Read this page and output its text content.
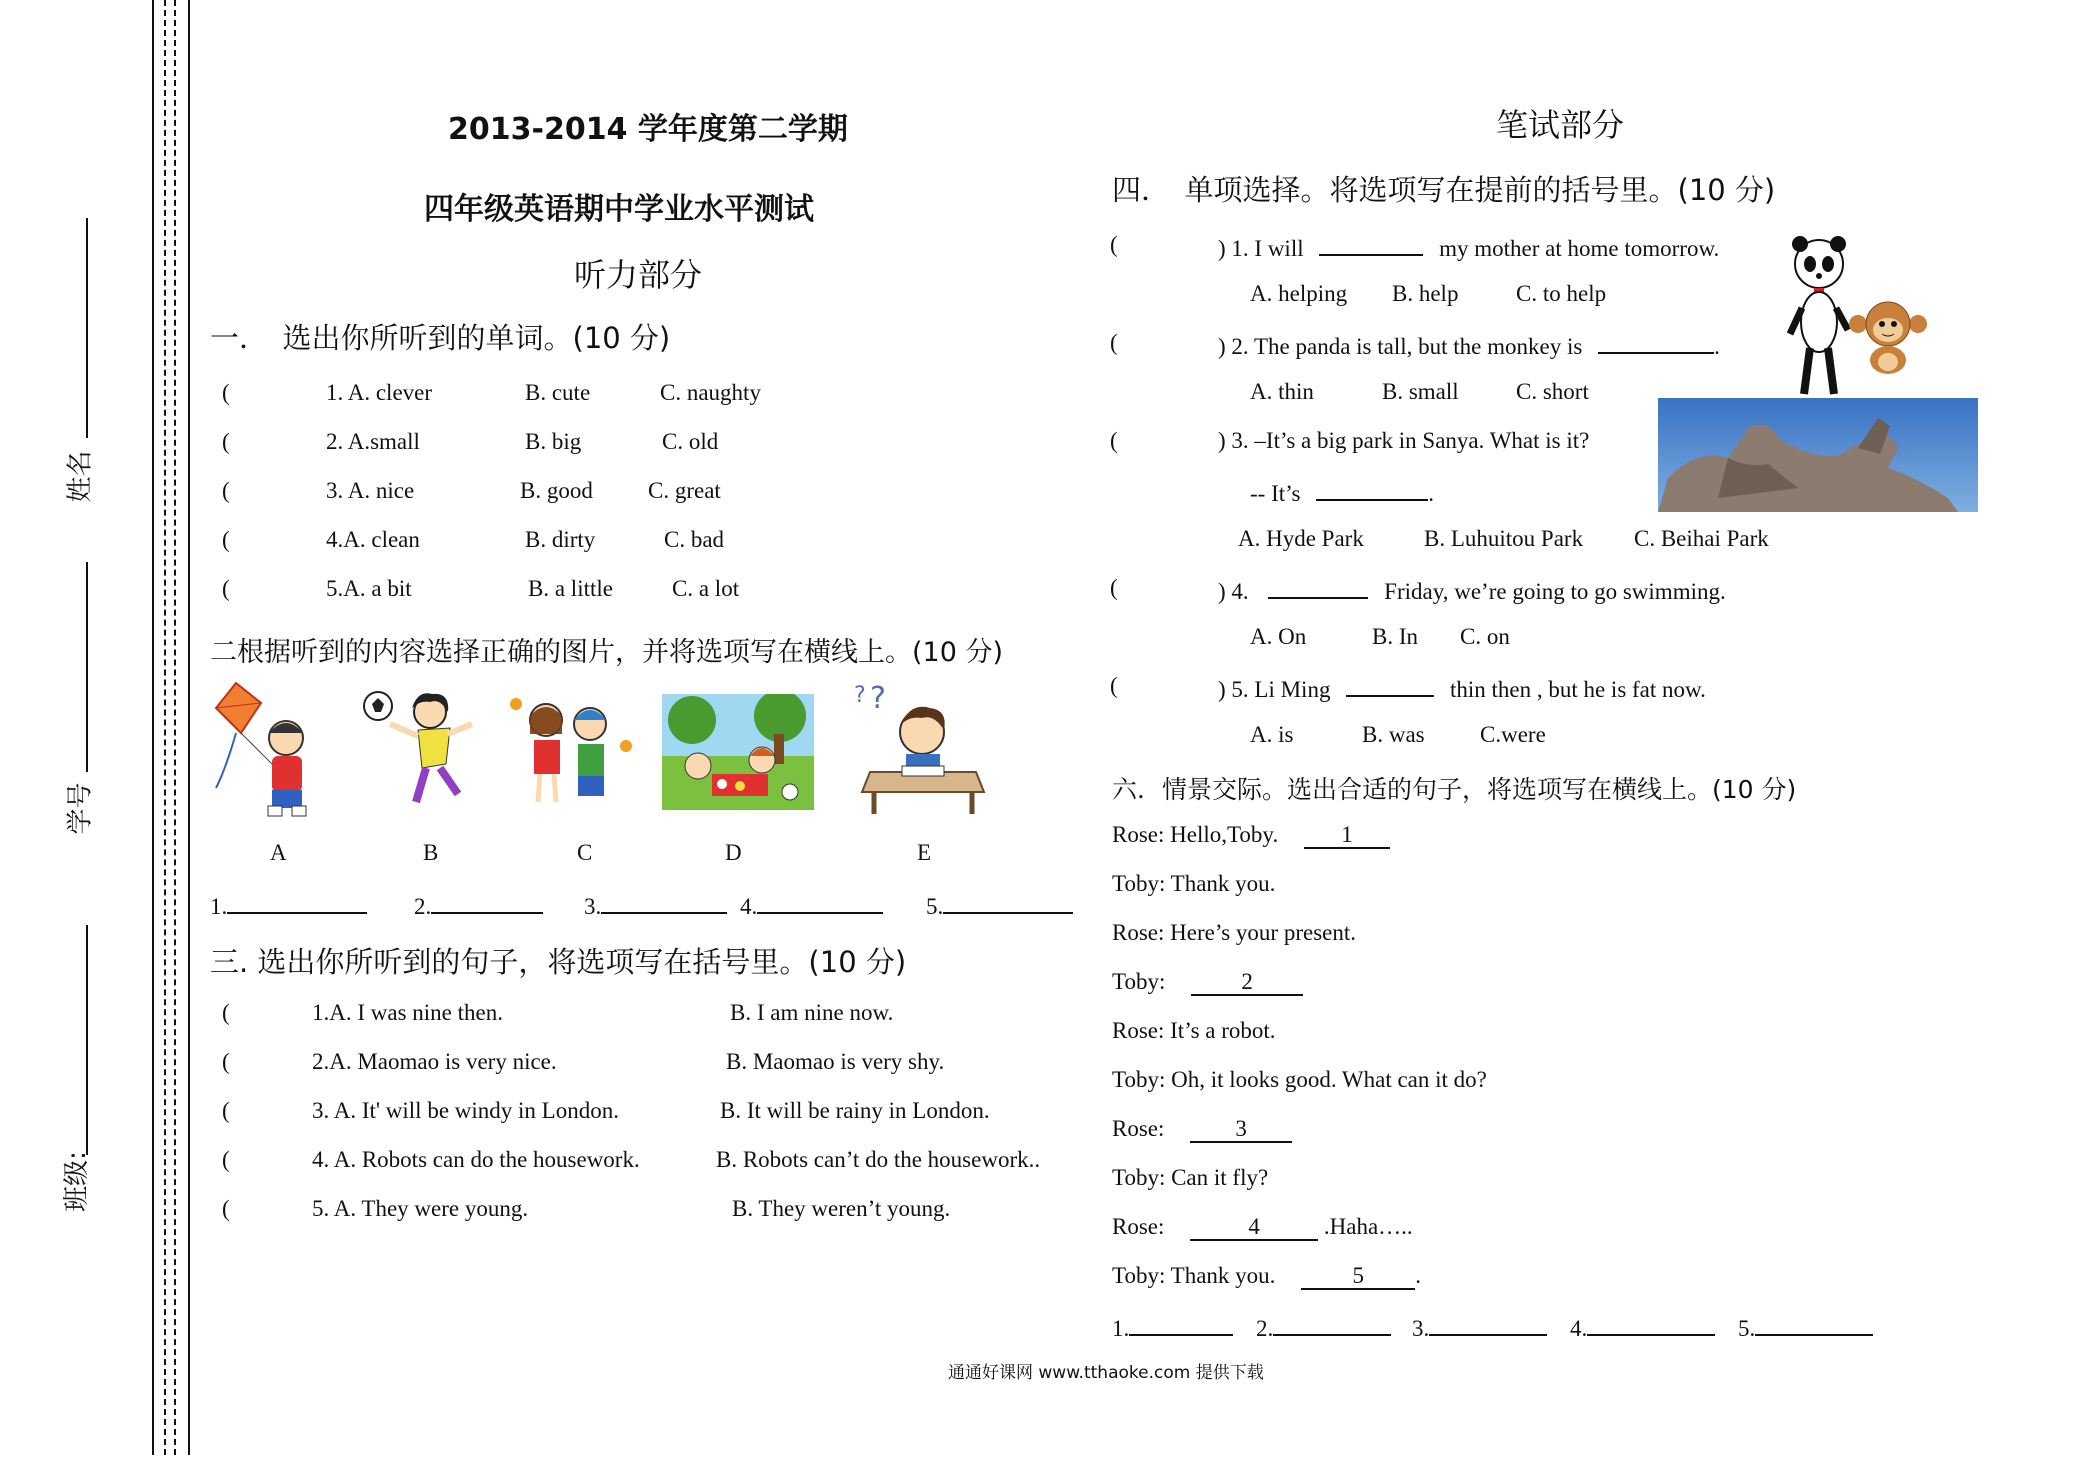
姓名
学号
班级:
2013-2014 学年度第二学期
四年级英语期中学业水平测试
听力部分
一．　选出你所听到的单词。(10 分)
(	1. A. clever	B. cute	C. naughty
(	2. A.small	B. big	C. old
(	3. A. nice	B. good C. great
(	4.A. clean	B. dirty	C. bad
(	5.A. a bit	B. a little	C. a lot
二根据听到的内容选择正确的图片，并将选项写在横线上。(10 分)
A	B	C	D
? ?
E
1.	2.	3.	4.	5.
三. 选出你所听到的句子，将选项写在括号里。(10 分)
(	1.A. I was nine then.	B. I am nine now.
(	2.A. Maomao is very nice.	B. Maomao is very shy.
(	3. A. It' will be windy in London.	B. It will be rainy in London.
(	4. A. Robots can do the housework.	B. Robots can’t do the housework..
(	5. A. They were young.	B. They weren’t young.
笔试部分
四．　单项选择。将选项写在提前的括号里。(10 分)
(	) 1. I will	my mother at home tomorrow.
A. helping B. help	C. to help
(	) 2. The panda is tall, but the monkey is	.
A. thin	B. small C. short
(	) 3. –It’s a big park in Sanya. What is it?
-- It’s	.
A. Hyde Park	B. Luhuitou Park C. Beihai Park
(	) 4.	Friday, we’re going to go swimming.
A. On	B. In C. on
(	) 5. Li Ming	thin then , but he is fat now.
A. is	B. was C.were
六．情景交际。选出合适的句子，将选项写在横线上。(10 分)
Rose: Hello,Toby.	1
Toby: Thank you.
Rose: Here’s your present.
Toby:	2
Rose: It’s a robot.
Toby: Oh, it looks good. What can it do?
Rose:	3
Toby: Can it fly?
Rose:	4	.Haha…..
Toby: Thank you.	5 .
1.	2.	3.	4.	5.
通通好课网 www.tthaoke.com 提供下载
